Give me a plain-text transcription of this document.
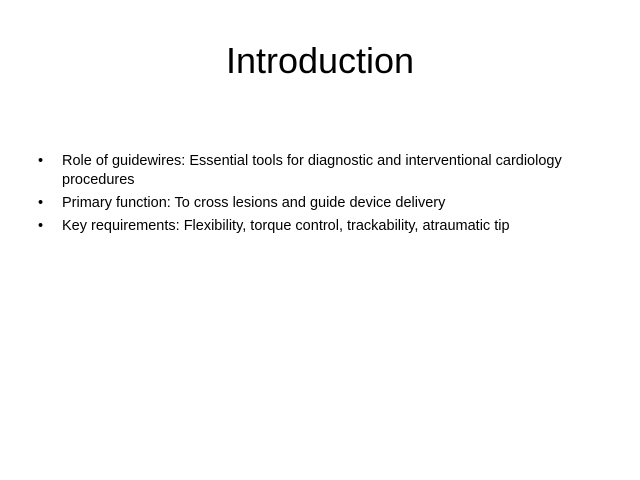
Introduction
• Role of guidewires: Essential tools for diagnostic and interventional cardiology procedures
• Primary function: To cross lesions and guide device delivery
• Key requirements: Flexibility, torque control, trackability, atraumatic tip
